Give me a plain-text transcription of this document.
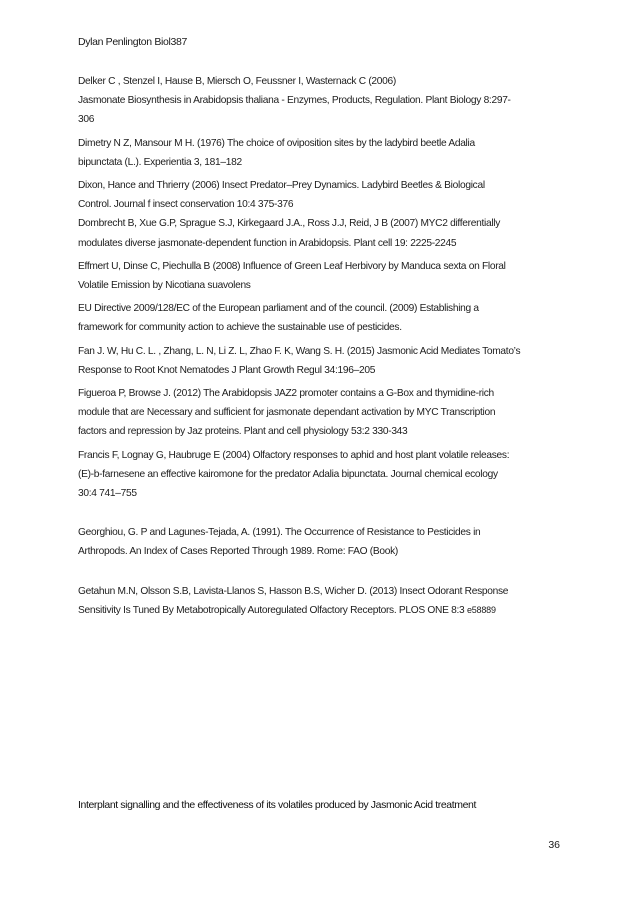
Dylan Penlington Biol387
Delker C , Stenzel I, Hause B, Miersch O, Feussner I, Wasternack C (2006)
Jasmonate Biosynthesis in Arabidopsis thaliana - Enzymes, Products, Regulation. Plant Biology 8:297-
306
Dimetry N Z, Mansour M H. (1976) The choice of oviposition sites by the ladybird beetle Adalia
bipunctata (L.). Experientia 3, 181–182
Dixon, Hance and Thrierry (2006) Insect Predator–Prey Dynamics. Ladybird Beetles & Biological
Control. Journal f insect conservation 10:4 375-376
Dombrecht B, Xue G.P, Sprague S.J, Kirkegaard J.A., Ross J.J, Reid, J B (2007) MYC2 differentially
modulates diverse jasmonate-dependent function in Arabidopsis. Plant cell 19: 2225-2245
Effmert U, Dinse C, Piechulla B (2008) Influence of Green Leaf Herbivory by Manduca sexta on Floral
Volatile Emission by Nicotiana suavolens
EU Directive 2009/128/EC of the European parliament and of the council. (2009) Establishing a
framework for community action to achieve the sustainable use of pesticides.
Fan J. W, Hu C. L. , Zhang, L. N, Li Z. L, Zhao F. K, Wang S. H. (2015) Jasmonic Acid Mediates Tomato’s
Response to Root Knot Nematodes J Plant Growth Regul 34:196–205
Figueroa P, Browse J. (2012) The Arabidopsis JAZ2 promoter contains a G-Box and thymidine-rich
module that are Necessary and sufficient for jasmonate dependant activation by MYC Transcription
factors and repression by Jaz proteins. Plant and cell physiology 53:2 330-343
Francis F, Lognay G, Haubruge E (2004) Olfactory responses to aphid and host plant volatile releases:
(E)-b-farnesene an effective kairomone for the predator Adalia bipunctata. Journal chemical ecology
30:4 741–755
Georghiou, G. P and Lagunes-Tejada, A. (1991). The Occurrence of Resistance to Pesticides in
Arthropods. An Index of Cases Reported Through 1989. Rome: FAO (Book)
Getahun M.N, Olsson S.B, Lavista-Llanos S, Hasson B.S, Wicher D. (2013) Insect Odorant Response
Sensitivity Is Tuned By Metabotropically Autoregulated Olfactory Receptors. PLOS ONE 8:3 e58889
Interplant signalling and the effectiveness of its volatiles produced by Jasmonic Acid treatment
36
